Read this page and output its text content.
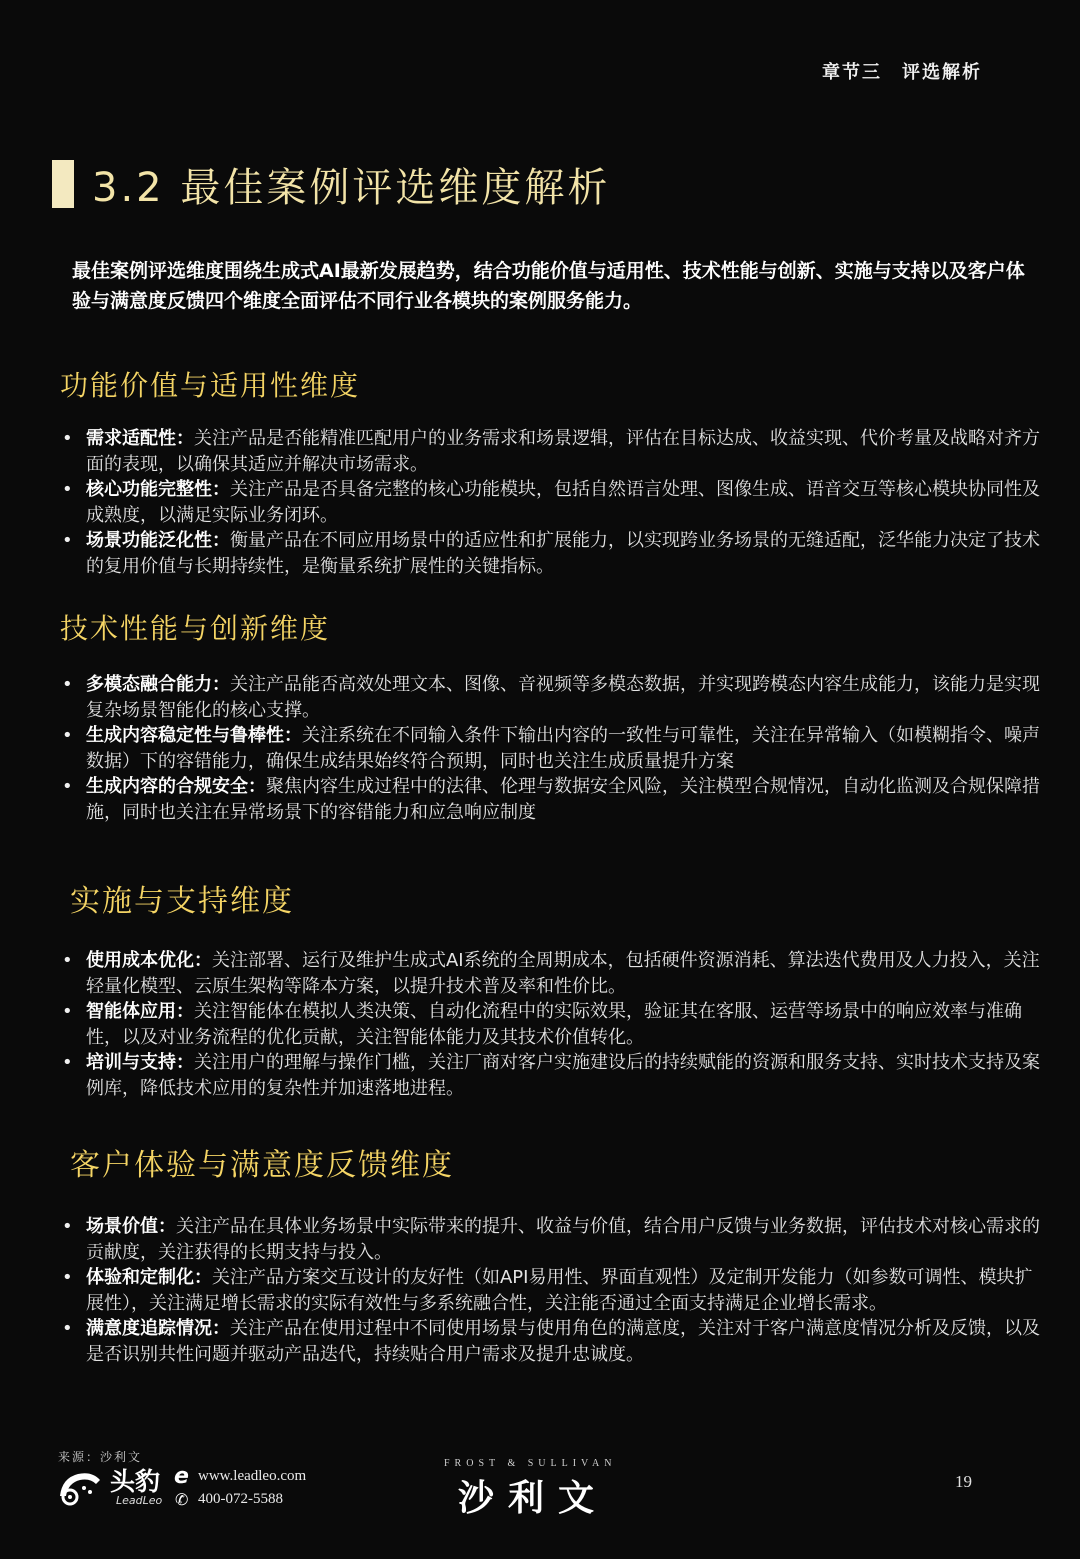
章节三　评选解析
3.2 最佳案例评选维度解析
最佳案例评选维度围绕生成式AI最新发展趋势，结合功能价值与适用性、技术性能与创新、实施与支持以及客户体验与满意度反馈四个维度全面评估不同行业各模块的案例服务能力。
功能价值与适用性维度
• 需求适配性：关注产品是否能精准匹配用户的业务需求和场景逻辑，评估在目标达成、收益实现、代价考量及战略对齐方面的表现，以确保其适应并解决市场需求。
• 核心功能完整性：关注产品是否具备完整的核心功能模块，包括自然语言处理、图像生成、语音交互等核心模块协同性及成熟度，以满足实际业务闭环。
• 场景功能泛化性：衡量产品在不同应用场景中的适应性和扩展能力，以实现跨业务场景的无缝适配，泛华能力决定了技术的复用价值与长期持续性，是衡量系统扩展性的关键指标。
技术性能与创新维度
• 多模态融合能力：关注产品能否高效处理文本、图像、音视频等多模态数据，并实现跨模态内容生成能力，该能力是实现复杂场景智能化的核心支撑。
• 生成内容稳定性与鲁棒性：关注系统在不同输入条件下输出内容的一致性与可靠性，关注在异常输入（如模糊指令、噪声数据）下的容错能力，确保生成结果始终符合预期，同时也关注生成质量提升方案
• 生成内容的合规安全：聚焦内容生成过程中的法律、伦理与数据安全风险，关注模型合规情况，自动化监测及合规保障措施，同时也关注在异常场景下的容错能力和应急响应制度
实施与支持维度
• 使用成本优化：关注部署、运行及维护生成式AI系统的全周期成本，包括硬件资源消耗、算法迭代费用及人力投入，关注轻量化模型、云原生架构等降本方案，以提升技术普及率和性价比。
• 智能体应用：关注智能体在模拟人类决策、自动化流程中的实际效果，验证其在客服、运营等场景中的响应效率与准确性，以及对业务流程的优化贡献，关注智能体能力及其技术价值转化。
• 培训与支持：关注用户的理解与操作门槛，关注厂商对客户实施建设后的持续赋能的资源和服务支持、实时技术支持及案例库，降低技术应用的复杂性并加速落地进程。
客户体验与满意度反馈维度
• 场景价值：关注产品在具体业务场景中实际带来的提升、收益与价值，结合用户反馈与业务数据，评估技术对核心需求的贡献度，关注获得的长期支持与投入。
• 体验和定制化：关注产品方案交互设计的友好性（如API易用性、界面直观性）及定制开发能力（如参数可调性、模块扩展性），关注满足增长需求的实际有效性与多系统融合性，关注能否通过全面支持满足企业增长需求。
• 满意度追踪情况：关注产品在使用过程中不同使用场景与使用角色的满意度，关注对于客户满意度情况分析及反馈，以及是否识别共性问题并驱动产品迭代，持续贴合用户需求及提升忠诚度。
来源：沙利文
头豹
LeadLeo
e
✆
www.leadleo.com
400-072-5588
FROST & SULLIVAN
沙利文	19
